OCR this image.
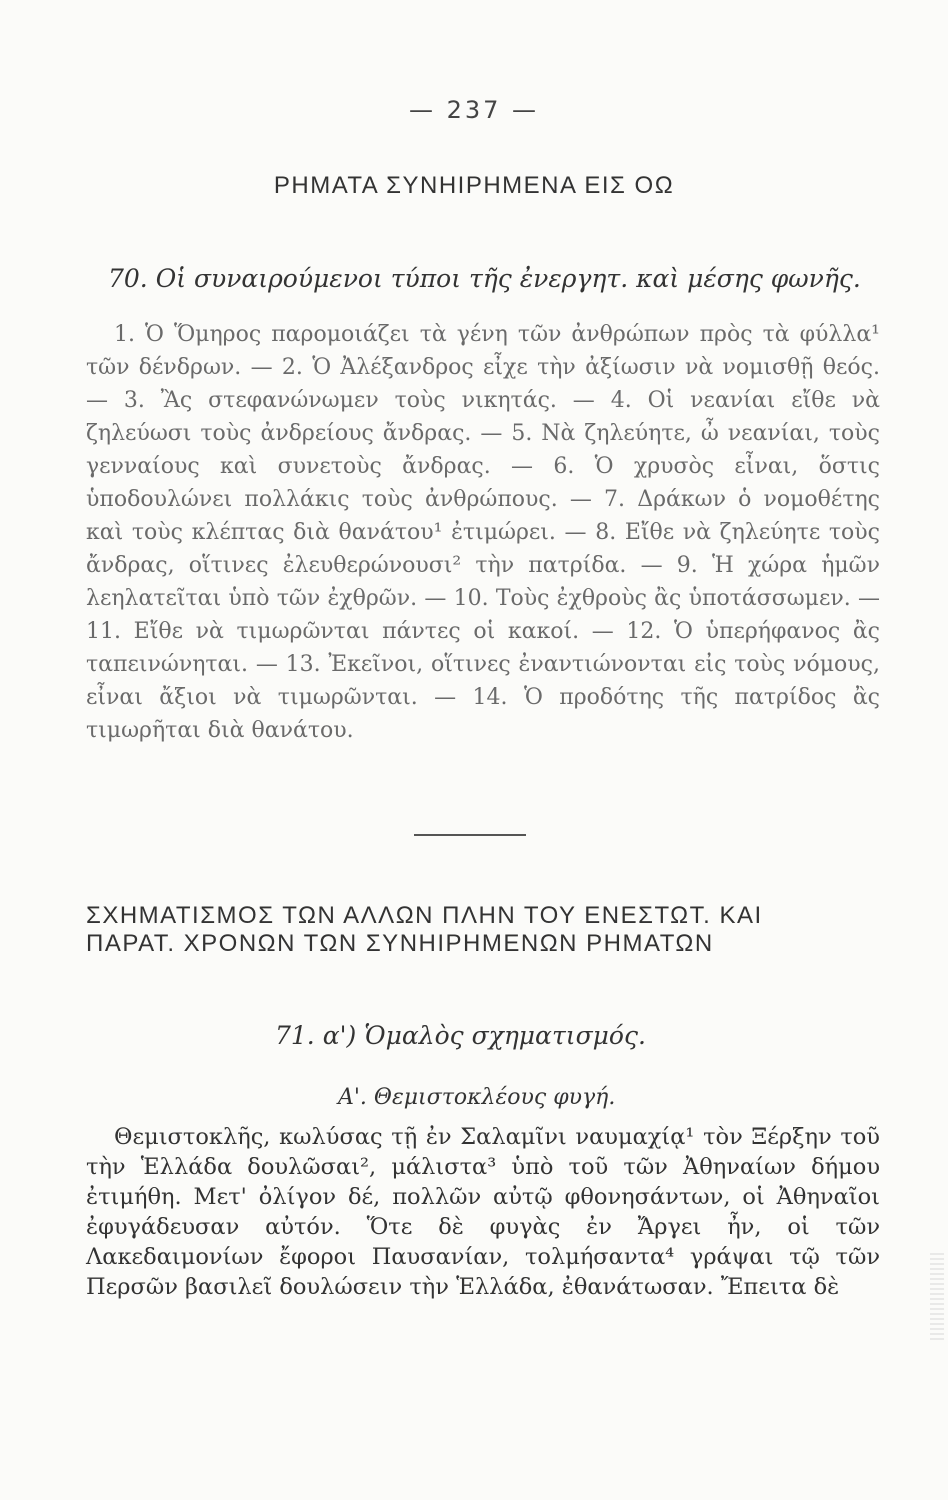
— 237 —
ΡΗΜΑΤΑ ΣΥΝΗΙΡΗΜΕΝΑ ΕΙΣ ΟΩ
70. Οἱ συναιρούμενοι τύποι τῆς ἐνεργητ. καὶ μέσης φωνῆς.

1. Ὁ Ὅμηρος παρομοιάζει τὰ γένη τῶν ἀνθρώπων πρὸς τὰ φύλλα¹ τῶν δένδρων. — 2. Ὁ Ἀλέξανδρος εἶχε τὴν ἀξίωσιν νὰ νομισθῇ θεός. — 3. Ἂς στεφανώνωμεν τοὺς νικητάς. — 4. Οἱ νεανίαι εἴθε νὰ ζηλεύωσι τοὺς ἀνδρείους ἄνδρας. — 5. Νὰ ζηλεύητε, ὦ νεανίαι, τοὺς γενναίους καὶ συνετοὺς ἄνδρας. — 6. Ὁ χρυσὸς εἶναι, ὅστις ὑποδουλώνει πολλάκις τοὺς ἀνθρώπους. — 7. Δράκων ὁ νομοθέτης καὶ τοὺς κλέπτας διὰ θανάτου¹ ἐτιμώρει. — 8. Εἴθε νὰ ζηλεύητε τοὺς ἄνδρας, οἵτινες ἐλευθερώνουσι² τὴν πατρίδα. — 9. Ἡ χώρα ἡμῶν λεηλατεῖται ὑπὸ τῶν ἐχθρῶν. — 10. Τοὺς ἐχθροὺς ἂς ὑποτάσσωμεν. — 11. Εἴθε νὰ τιμωρῶνται πάντες οἱ κακοί. — 12. Ὁ ὑπερήφανος ἂς ταπεινώνηται. — 13. Ἐκεῖνοι, οἵτινες ἐναντιώνονται εἰς τοὺς νόμους, εἶναι ἄξιοι νὰ τιμωρῶνται. — 14. Ὁ προδότης τῆς πατρίδος ἂς τιμωρῆται διὰ θανάτου.

ΣΧΗΜΑΤΙΣΜΟΣ ΤΩΝ ΑΛΛΩΝ ΠΛΗΝ ΤΟΥ ΕΝΕΣΤΩΤ. ΚΑΙ
ΠΑΡΑΤ. ΧΡΟΝΩΝ ΤΩΝ ΣΥΝΗΙΡΗΜΕΝΩΝ ΡΗΜΑΤΩΝ
71. α') Ὁμαλὸς σχηματισμός.
Α'. Θεμιστοκλέους φυγή.

Θεμιστοκλῆς, κωλύσας τῇ ἐν Σαλαμῖνι ναυμαχίᾳ¹ τὸν Ξέρξην τοῦ τὴν Ἑλλάδα δουλῶσαι², μάλιστα³ ὑπὸ τοῦ τῶν Ἀθηναίων δήμου ἐτιμήθη. Μετ' ὀλίγον δέ, πολλῶν αὐτῷ φθονησάντων, οἱ Ἀθηναῖοι ἐφυγάδευσαν αὐτόν. Ὅτε δὲ φυγὰς ἐν Ἄργει ἦν, οἱ τῶν Λακεδαιμονίων ἔφοροι Παυσανίαν, τολμήσαντα⁴ γράψαι τῷ τῶν Περσῶν βασιλεῖ δουλώσειν τὴν Ἑλλάδα, ἐθανάτωσαν. Ἔπειτα δὲ
